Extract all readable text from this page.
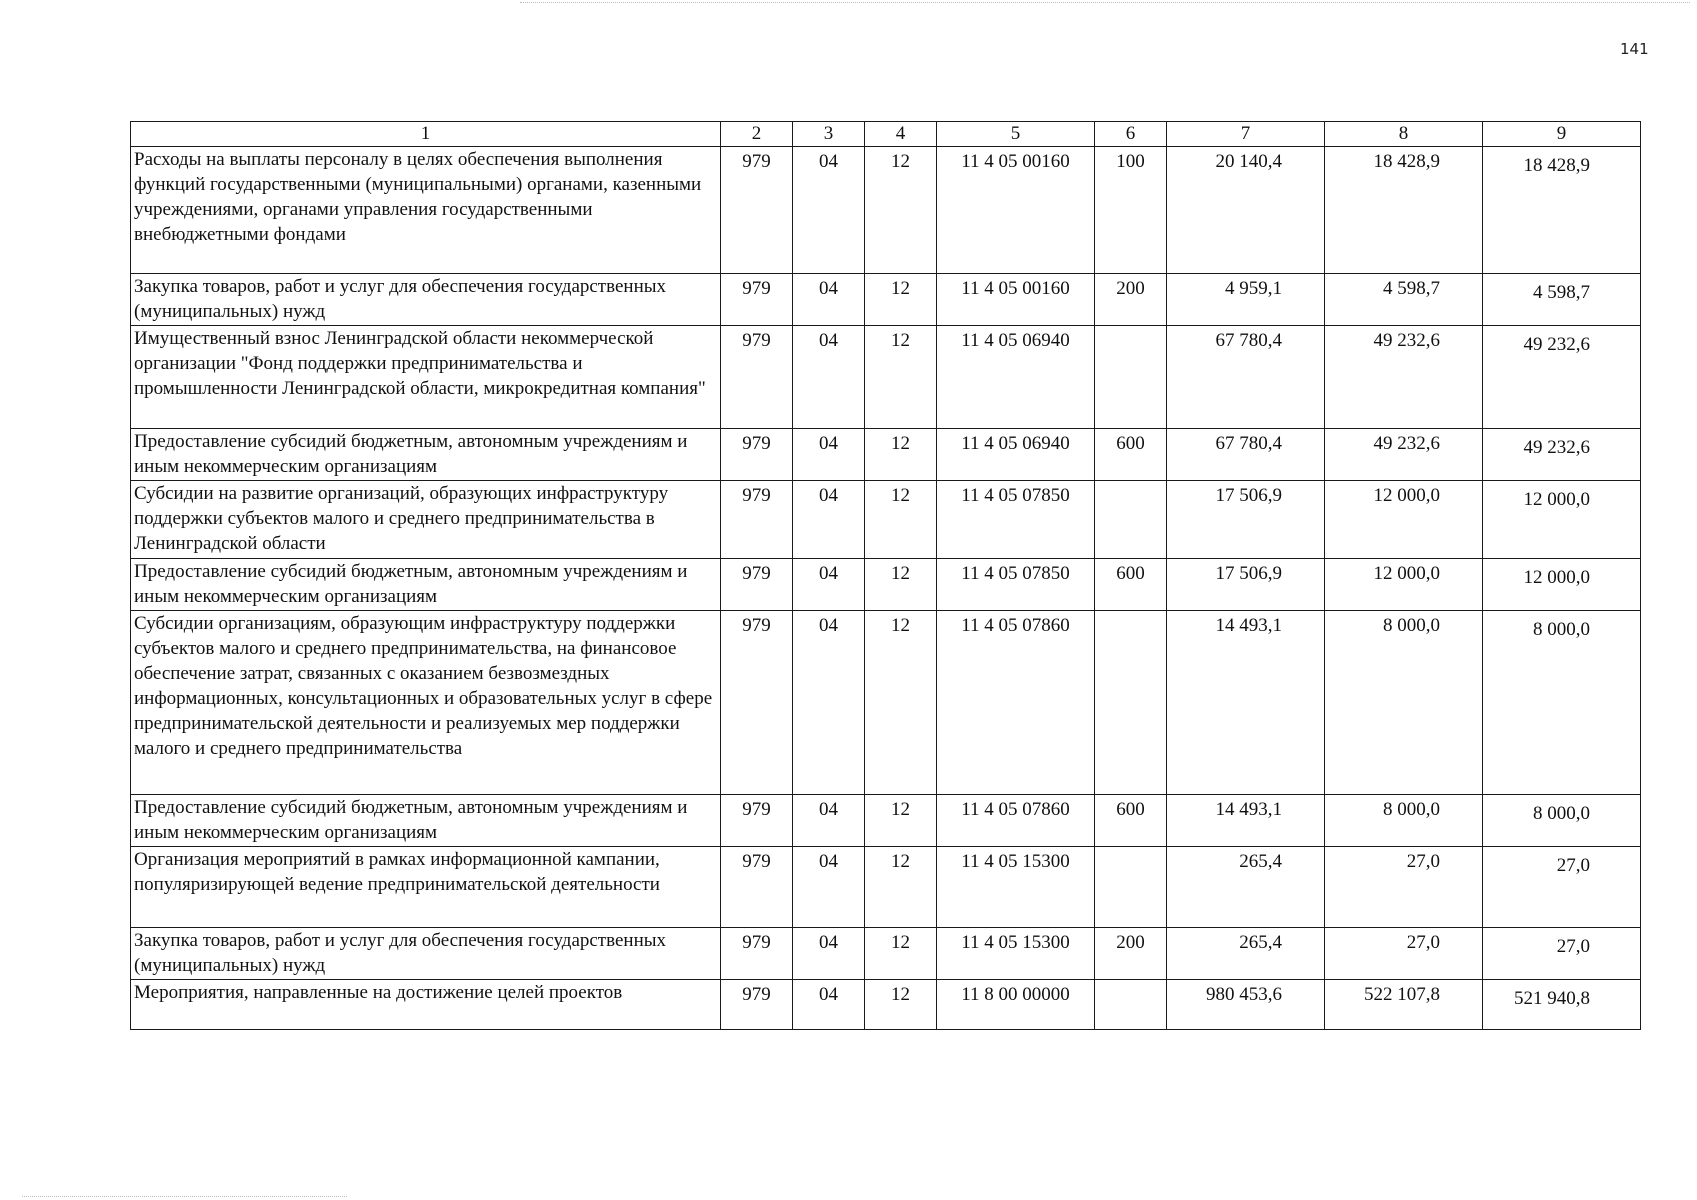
141
1	2	3	4	5	6	7	8	9
Расходы на выплаты персоналу в целях обеспечения выполнения функций государственными (муниципальными) органами, казенными учреждениями, органами управления государственными внебюджетными фондами	979	04	12	11 4 05 00160	100	20 140,4	18 428,9	18 428,9
Закупка товаров, работ и услуг для обеспечения государственных (муниципальных) нужд	979	04	12	11 4 05 00160	200	4 959,1	4 598,7	4 598,7
Имущественный взнос Ленинградской области некоммерческой организации "Фонд поддержки предпринимательства и промышленности Ленинградской области, микрокредитная компания"	979	04	12	11 4 05 06940		67 780,4	49 232,6	49 232,6
Предоставление субсидий бюджетным, автономным учреждениям и иным некоммерческим организациям	979	04	12	11 4 05 06940	600	67 780,4	49 232,6	49 232,6
Субсидии на развитие организаций, образующих инфраструктуру поддержки субъектов малого и среднего предпринимательства в Ленинградской области	979	04	12	11 4 05 07850		17 506,9	12 000,0	12 000,0
Предоставление субсидий бюджетным, автономным учреждениям и иным некоммерческим организациям	979	04	12	11 4 05 07850	600	17 506,9	12 000,0	12 000,0
Субсидии организациям, образующим инфраструктуру поддержки субъектов малого и среднего предпринимательства, на финансовое обеспечение затрат, связанных с оказанием безвозмездных информационных, консультационных и образовательных услуг в сфере предпринимательской деятельности и реализуемых мер поддержки малого и среднего предпринимательства	979	04	12	11 4 05 07860		14 493,1	8 000,0	8 000,0
Предоставление субсидий бюджетным, автономным учреждениям и иным некоммерческим организациям	979	04	12	11 4 05 07860	600	14 493,1	8 000,0	8 000,0
Организация мероприятий в рамках информационной кампании, популяризирующей ведение предпринимательской деятельности	979	04	12	11 4 05 15300		265,4	27,0	27,0
Закупка товаров, работ и услуг для обеспечения государственных (муниципальных) нужд	979	04	12	11 4 05 15300	200	265,4	27,0	27,0
Мероприятия, направленные на достижение целей проектов	979	04	12	11 8 00 00000		980 453,6	522 107,8	521 940,8
